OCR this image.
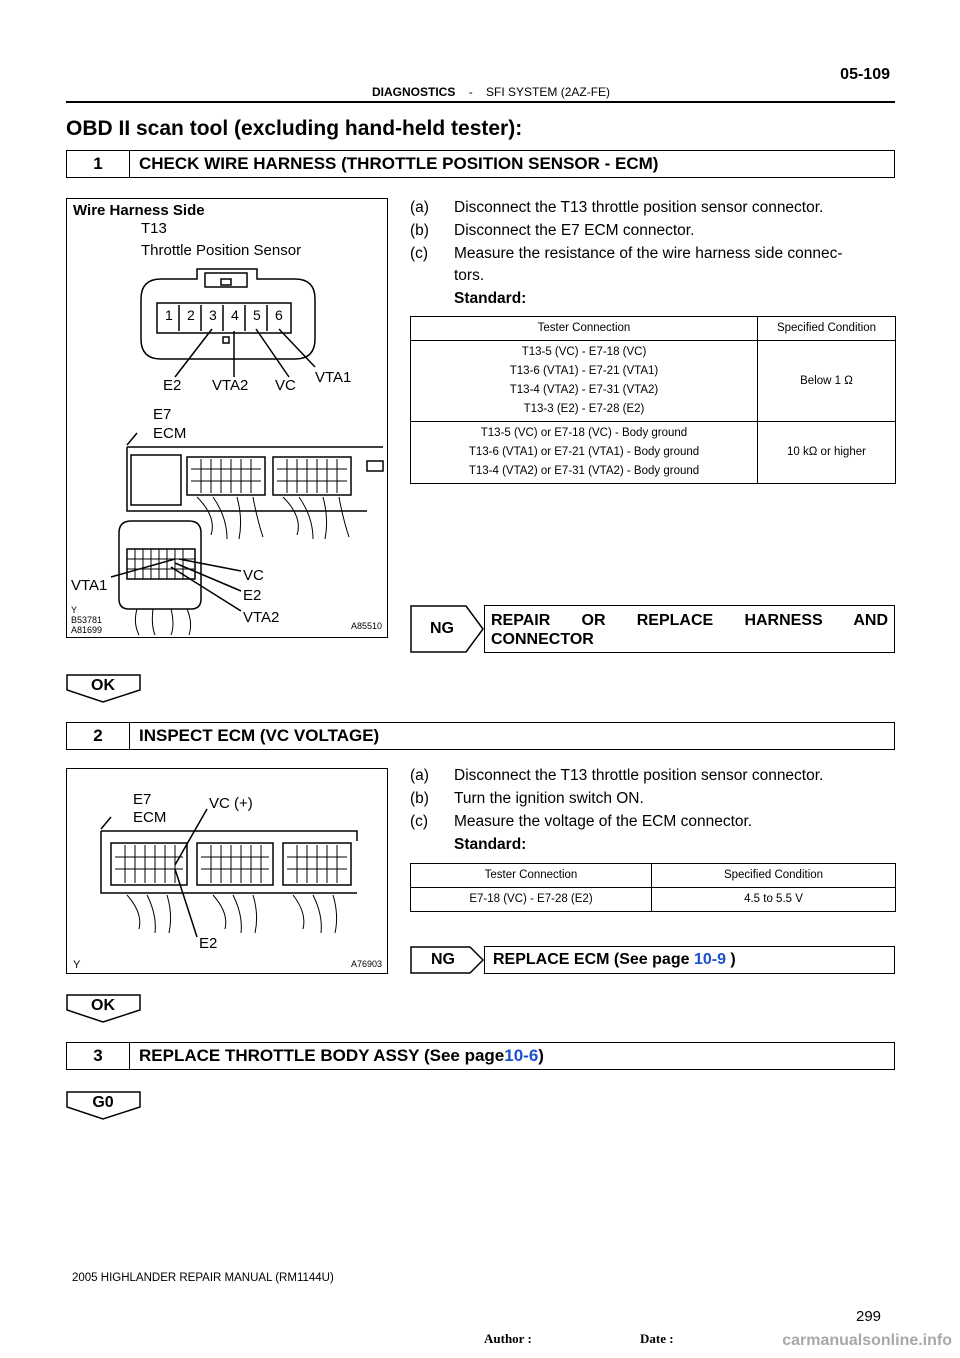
DIAGNOSTICS - SFI SYSTEM (2AZ-FE)
05-109
OBD II scan tool (excluding hand-held tester):
1	CHECK WIRE HARNESS (THROTTLE POSITION SENSOR - ECM)
Wire Harness Side
T13
Throttle Position Sensor
1 2 3 4 5 6
E2 VTA2 VC VTA1
E7
ECM
VTA1
VC
E2
VTA2
Y
B53781
A81699	A85510
(a) Disconnect the T13 throttle position sensor connector.
(b) Disconnect the E7 ECM connector.
(c) Measure the resistance of the wire harness side connec-
tors.
Standard:
Tester Connection	Specified Condition

T13-5 (VC) - E7-18 (VC)
T13-6 (VTA1) - E7-21 (VTA1)
T13-4 (VTA2) - E7-31 (VTA2)
T13-3 (E2) - E7-28 (E2)	Below 1 Ω

T13-5 (VC) or E7-18 (VC) - Body ground
T13-6 (VTA1) or E7-21 (VTA1) - Body ground
T13-4 (VTA2) or E7-31 (VTA2) - Body ground	10 kΩ or higher
NG	REPAIR OR REPLACE HARNESS AND
CONNECTOR
OK
2	INSPECT ECM (VC VOLTAGE)
E7
ECM
VC (+)
E2
Y	A76903
(a) Disconnect the T13 throttle position sensor connector.
(b) Turn the ignition switch ON.
(c) Measure the voltage of the ECM connector.
Standard:
Tester Connection	Specified Condition
E7-18 (VC) - E7-28 (E2)	4.5 to 5.5 V
NG	REPLACE ECM (See page 10-9 )
OK
3	REPLACE THROTTLE BODY ASSY (See page 10-6 )
G0
2005 HIGHLANDER REPAIR MANUAL (RM1144U)
Author :	Date :
299
carmanualsonline.info
